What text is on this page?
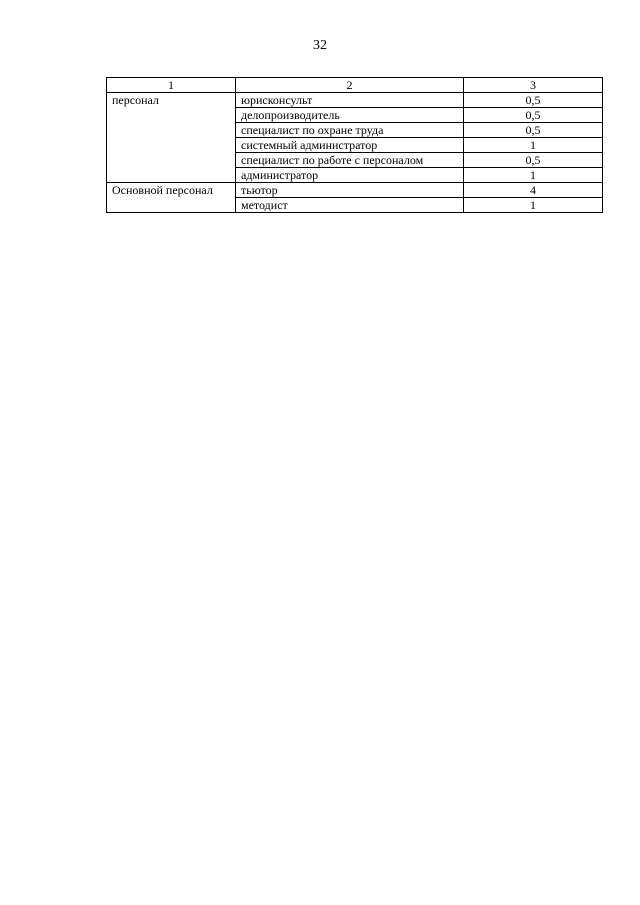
32
1	2	3
персонал	юрисконсульт	0,5
	делопроизводитель	0,5
	специалист по охране труда	0,5
	системный администратор	1
	специалист по работе с персоналом	0,5
	администратор	1
Основной персонал	тьютор	4
	методист	1
